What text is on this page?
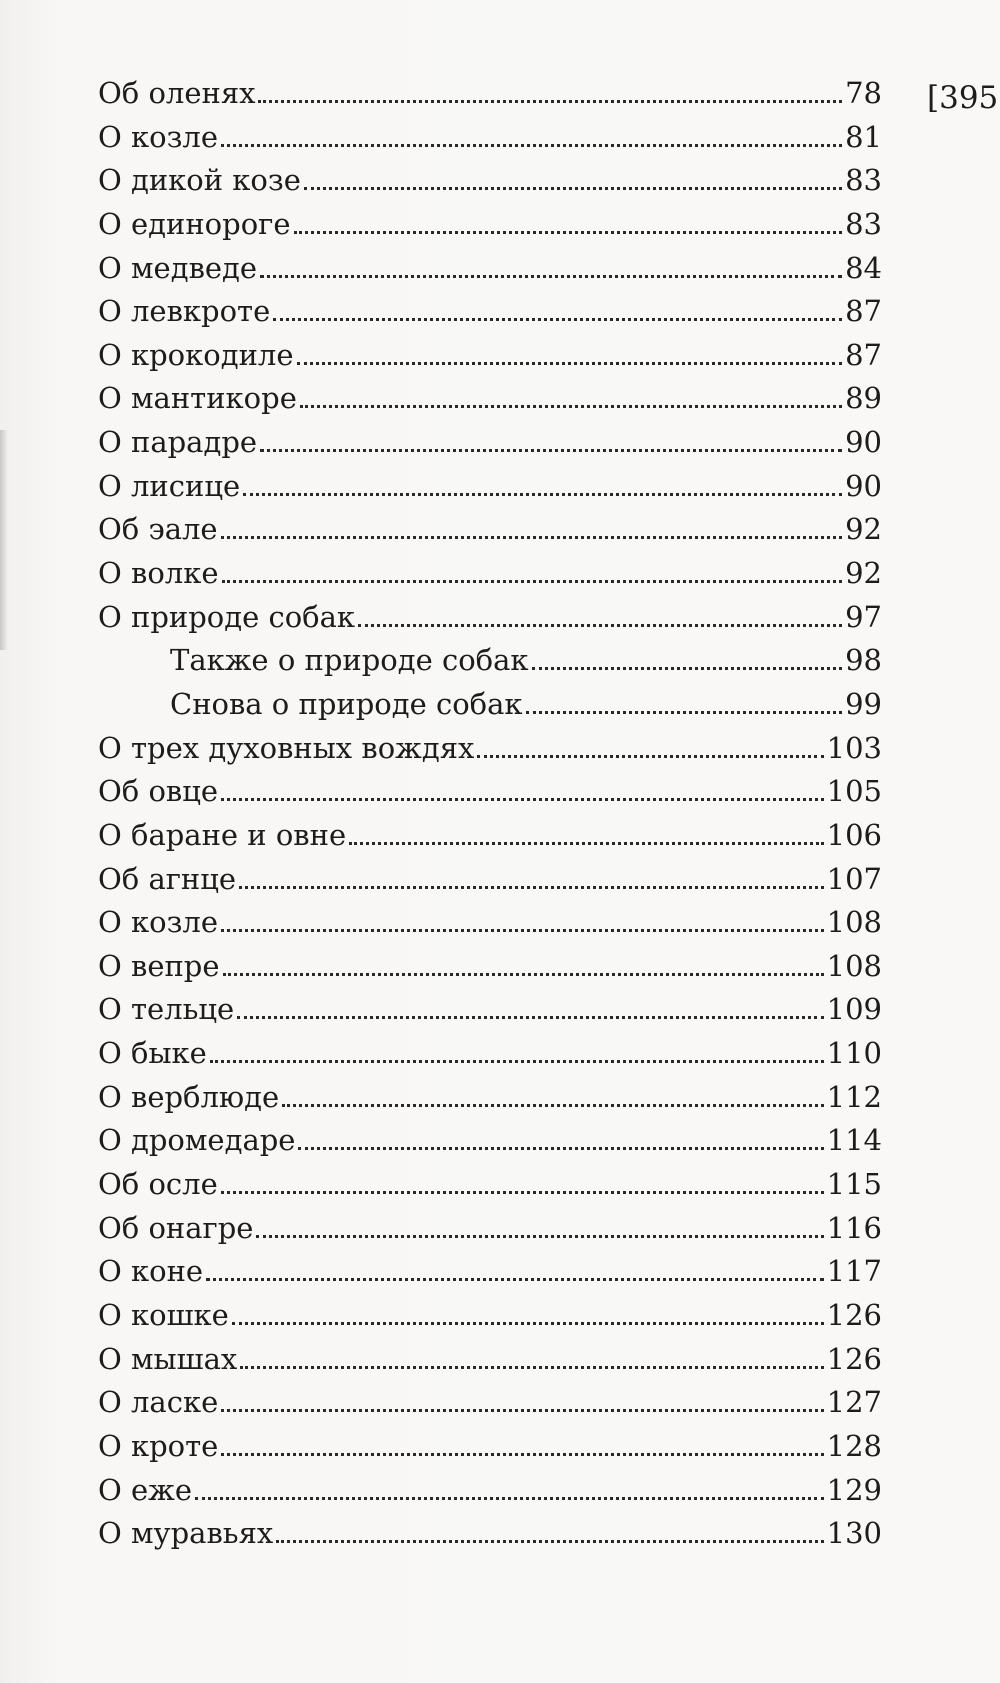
[395
Об оленях	78
О козле	81
О дикой козе	83
О единороге	83
О медведе	84
О левкроте	87
О крокодиле	87
О мантикоре	89
О парадре	90
О лисице	90
Об эале	92
О волке	92
О природе собак	97
Также о природе собак	98
Снова о природе собак	99
О трех духовных вождях	103
Об овце	105
О баране и овне	106
Об агнце	107
О козле	108
О вепре	108
О тельце	109
О быке	110
О верблюде	112
О дромедаре	114
Об осле	115
Об онагре	116
О коне	117
О кошке	126
О мышах	126
О ласке	127
О кроте	128
О еже	129
О муравьях	130
